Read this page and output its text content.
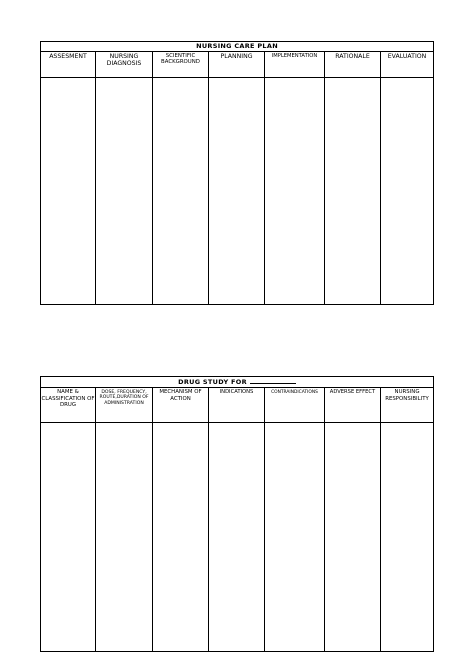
NURSING CARE PLAN						
ASSESMENT	NURSING DIAGNOSIS	SCIENTIFIC BACKGROUND	PLANNING	IMPLEMENTATION	RATIONALE	EVALUATION

DRUG STUDY FOR						
NAME & CLASSIFICATION OF DRUG	DOSE, FREQUENCY, ROUTE,DURATION OF ADMINISTRATION	MECHANISM OF ACTION	INDICATIONS	CONTRAINDICATIONS	ADVERSE EFFECT	NURSING RESPONSIBILITY
